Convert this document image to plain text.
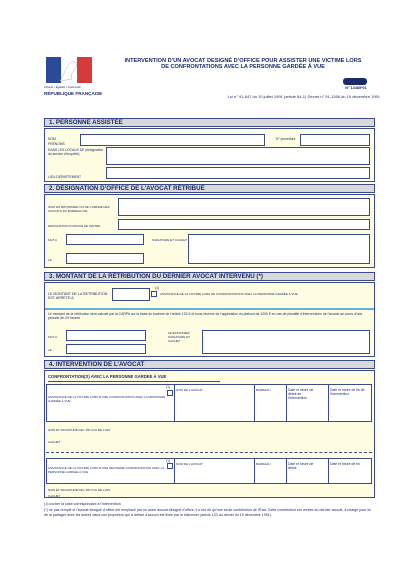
Liberté • Égalité • Fraternité
RÉPUBLIQUE FRANÇAISE
INTERVENTION D’UN AVOCAT DESIGNÉ D’OFFICE POUR ASSISTER UNE VICTIME LORS DE CONFRONTATIONS AVEC LA PERSONNE GARDÉE À VUE
N° 14485*01
Loi n° 91-647 du 10 juillet 1991 (article 64-1) Décret n° 91-1266 du 19 décembre 1991
1. PERSONNE ASSISTÉE
NOM
PRENOMS
N° procédure
DANS LES LOCAUX DE (désignation du service d’enquête)
LIEU-DEPARTEMENT
2. DÉSIGNATION D’OFFICE DE L’AVOCAT RÉTRIBUÉ
NOM DU BÂTONNIER OU DE L’ORDRE DES AVOCATS DU BARREAU DE
DESIGNATION D’OFFICE DE MAITRE
FAIT A	SIGNATURE ET CACHET
LE
3. MONTANT DE LA RÉTRIBUTION DU DERNIER AVOCAT INTERVENU (*)
LE MONTANT DE LA RETRIBUTION EST ARRETE A
(1)
ASSISTANCE DE LA VICTIME LORS DE CONFRONTATIONS AVEC LA PERSONNE GARDÉE À VUE
Le montant de la rétribution sera calculé par la CARPA sur la base du barème de l’article 132-5 et sous réserve de l’application du plafond de 1200 € en cas de pluralité d’interventions de l’avocat au cours d’une période de 24 heures
FAIT A
LE BATONNIER SIGNATURE ET CACHET
LE
4. INTERVENTION DE L’AVOCAT
CONFRONTATION(S) AVEC LA PERSONNE GARDEE À VUE
ASSISTANCE DE LA VICTIME LORS D’UNE CONFRONTATION AVEC LA PERSONNE GARDÉE À VUE
(1)
NOM DE L’AVOCAT	BARREAU	Date et heure de début de l’intervention
Date et heure de fin de l’intervention
NOM ET SIGNATURE DE L’OPJ OU DE L’APJ
CACHET
ASSISTANCE DE LA VICTIME LORS D’UNE DEUXIEME CONFRONTATION AVEC LA PERSONNE GARDEE À VUE
(1)
NOM DE L’AVOCAT	BARREAU	Date et heure de début
Date et heure de fin
NOM ET SIGNATURE DE L’OPJ OU DE L’APJ
CACHET
(1) cocher la case correspondant à l’intervention
(*) ne pas remplir si l’avocat désigné d’office est remplacé par un autre avocat désigné d’office, il n’est dû qu’une seule contribution de l’État. Cette contribution est versée au dernier avocat, à charge pour lui de la partager avec les autres dans une proportion qui à défaut d’accord est fixée par le bâtonnier (article 103 du décret du 19 décembre 1991).
